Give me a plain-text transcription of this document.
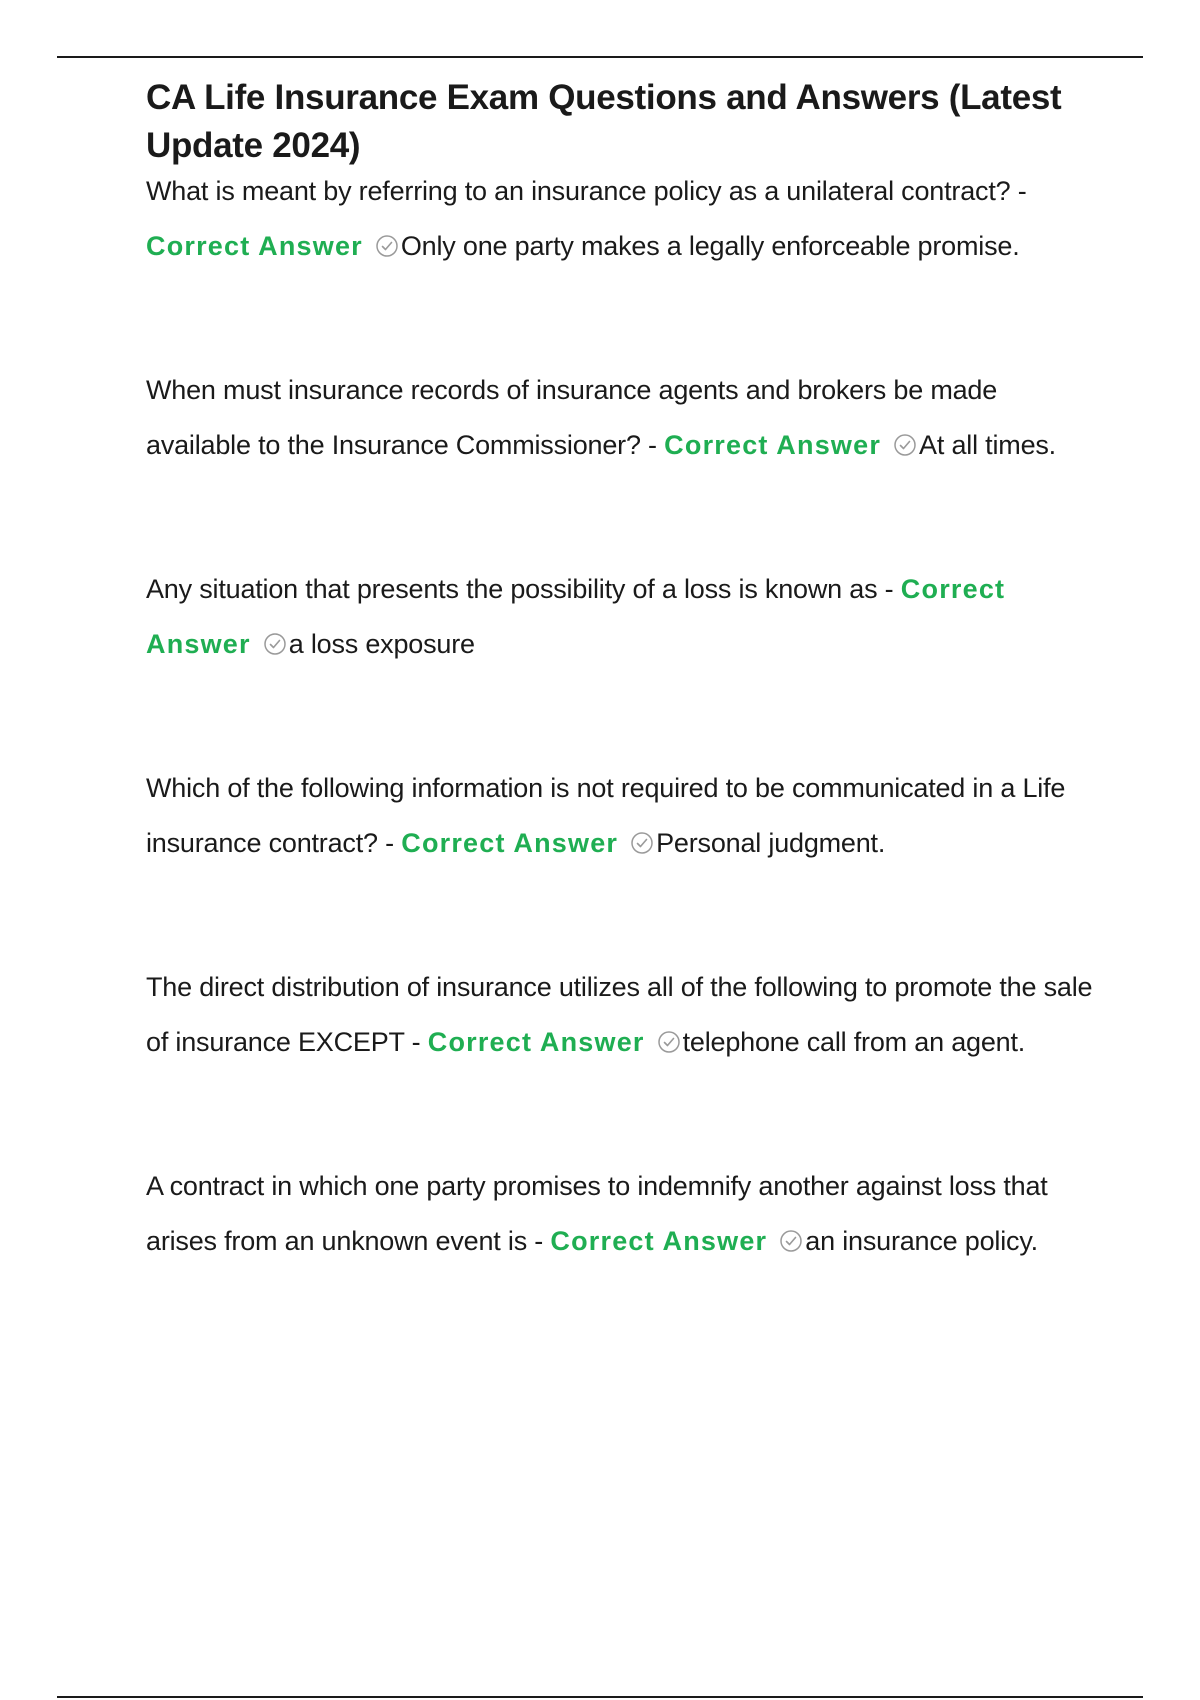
CA Life Insurance Exam Questions and Answers (Latest Update 2024)

What is meant by referring to an insurance policy as a unilateral contract? - Correct Answer Only one party makes a legally enforceable promise.

When must insurance records of insurance agents and brokers be made available to the Insurance Commissioner? - Correct Answer At all times.

Any situation that presents the possibility of a loss is known as - Correct Answer a loss exposure

Which of the following information is not required to be communicated in a Life insurance contract? - Correct Answer Personal judgment.

The direct distribution of insurance utilizes all of the following to promote the sale of insurance EXCEPT - Correct Answer telephone call from an agent.

A contract in which one party promises to indemnify another against loss that arises from an unknown event is - Correct Answer an insurance policy.
